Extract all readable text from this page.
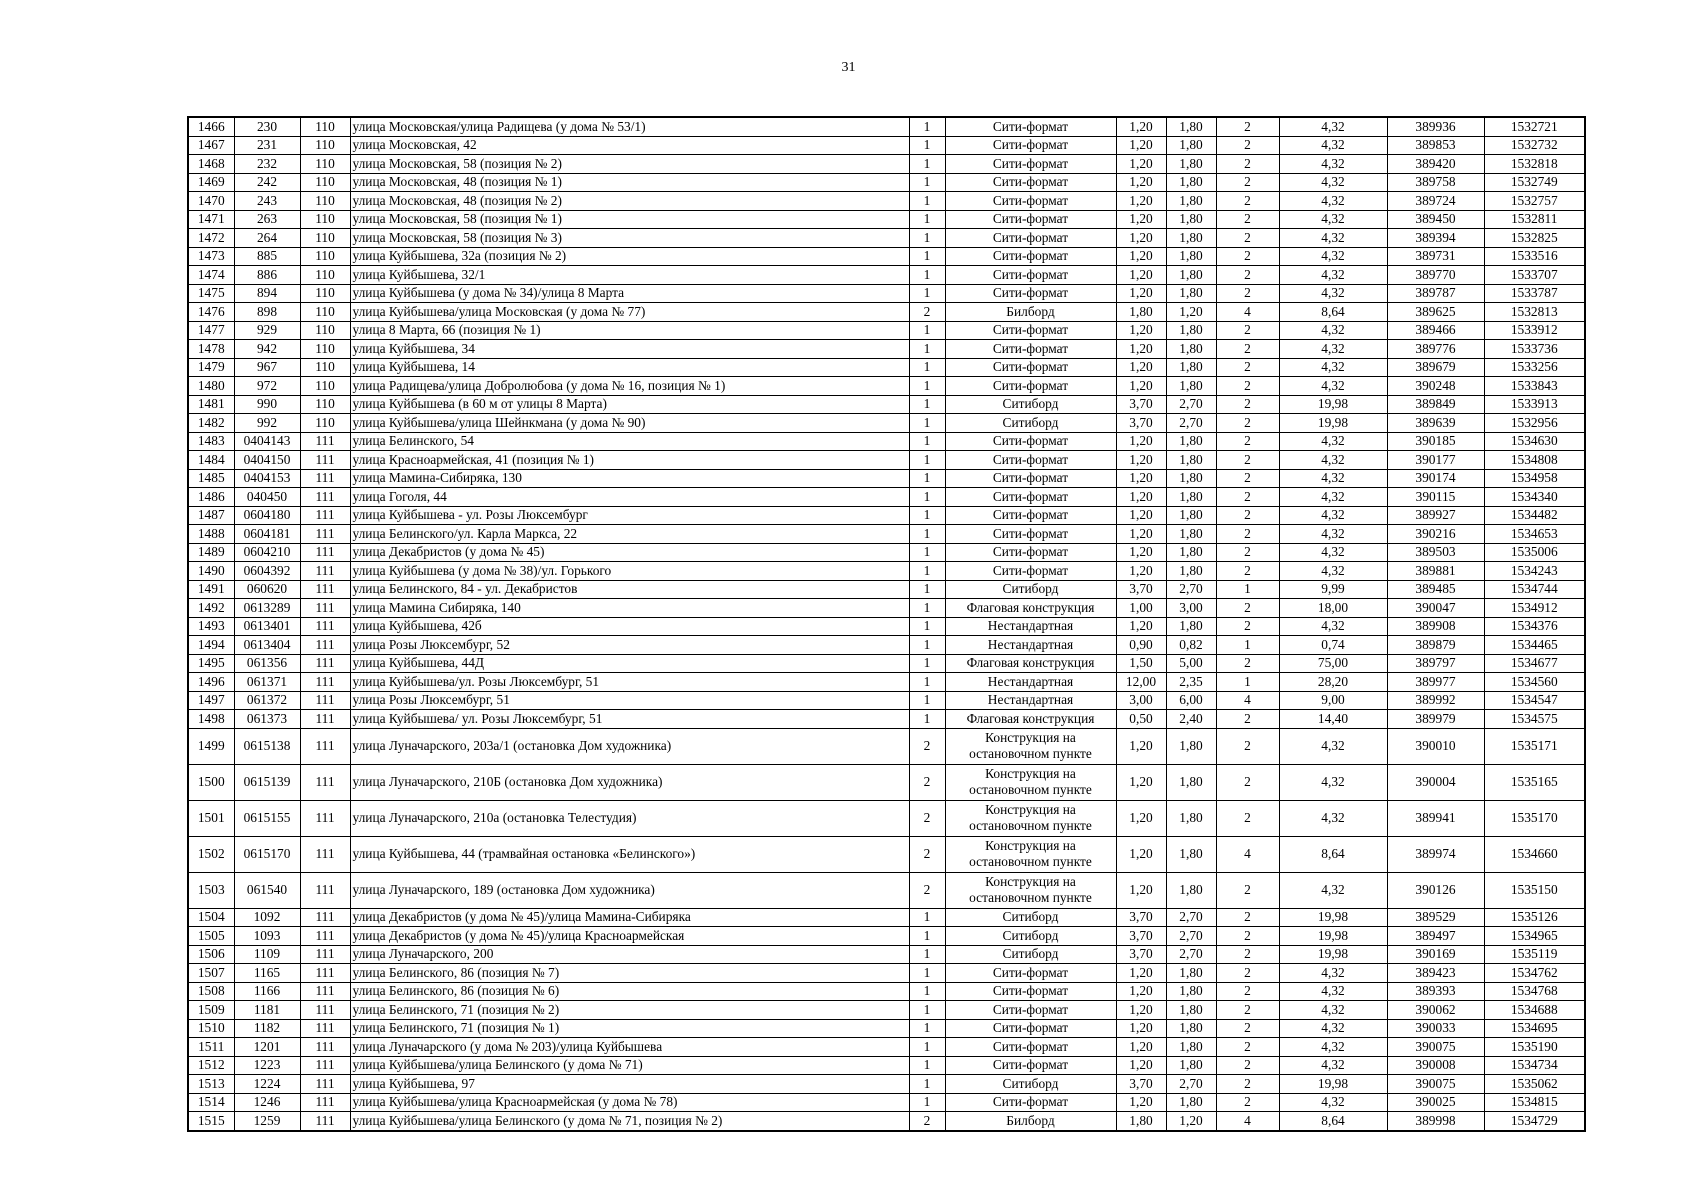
31
1466	230	110	улица Московская/улица Радищева (у дома № 53/1)	1	Сити-формат	1,20	1,80	2	4,32	389936	1532721
1467	231	110	улица Московская, 42	1	Сити-формат	1,20	1,80	2	4,32	389853	1532732
1468	232	110	улица Московская, 58 (позиция № 2)	1	Сити-формат	1,20	1,80	2	4,32	389420	1532818
1469	242	110	улица Московская, 48 (позиция № 1)	1	Сити-формат	1,20	1,80	2	4,32	389758	1532749
1470	243	110	улица Московская, 48 (позиция № 2)	1	Сити-формат	1,20	1,80	2	4,32	389724	1532757
1471	263	110	улица Московская, 58 (позиция № 1)	1	Сити-формат	1,20	1,80	2	4,32	389450	1532811
1472	264	110	улица Московская, 58 (позиция № 3)	1	Сити-формат	1,20	1,80	2	4,32	389394	1532825
1473	885	110	улица Куйбышева, 32а (позиция № 2)	1	Сити-формат	1,20	1,80	2	4,32	389731	1533516
1474	886	110	улица Куйбышева, 32/1	1	Сити-формат	1,20	1,80	2	4,32	389770	1533707
1475	894	110	улица Куйбышева (у дома № 34)/улица 8 Марта	1	Сити-формат	1,20	1,80	2	4,32	389787	1533787
1476	898	110	улица Куйбышева/улица Московская (у дома № 77)	2	Билборд	1,80	1,20	4	8,64	389625	1532813
1477	929	110	улица 8 Марта, 66 (позиция № 1)	1	Сити-формат	1,20	1,80	2	4,32	389466	1533912
1478	942	110	улица Куйбышева, 34	1	Сити-формат	1,20	1,80	2	4,32	389776	1533736
1479	967	110	улица Куйбышева, 14	1	Сити-формат	1,20	1,80	2	4,32	389679	1533256
1480	972	110	улица Радищева/улица Добролюбова (у дома № 16, позиция № 1)	1	Сити-формат	1,20	1,80	2	4,32	390248	1533843
1481	990	110	улица Куйбышева (в 60 м от улицы 8 Марта)	1	Ситиборд	3,70	2,70	2	19,98	389849	1533913
1482	992	110	улица Куйбышева/улица Шейнкмана (у дома № 90)	1	Ситиборд	3,70	2,70	2	19,98	389639	1532956
1483	0404143	111	улица Белинского, 54	1	Сити-формат	1,20	1,80	2	4,32	390185	1534630
1484	0404150	111	улица Красноармейская, 41 (позиция № 1)	1	Сити-формат	1,20	1,80	2	4,32	390177	1534808
1485	0404153	111	улица Мамина-Сибиряка, 130	1	Сити-формат	1,20	1,80	2	4,32	390174	1534958
1486	040450	111	улица Гоголя, 44	1	Сити-формат	1,20	1,80	2	4,32	390115	1534340
1487	0604180	111	улица Куйбышева - ул. Розы Люксембург	1	Сити-формат	1,20	1,80	2	4,32	389927	1534482
1488	0604181	111	улица Белинского/ул. Карла Маркса, 22	1	Сити-формат	1,20	1,80	2	4,32	390216	1534653
1489	0604210	111	улица Декабристов (у дома № 45)	1	Сити-формат	1,20	1,80	2	4,32	389503	1535006
1490	0604392	111	улица Куйбышева (у дома № 38)/ул. Горького	1	Сити-формат	1,20	1,80	2	4,32	389881	1534243
1491	060620	111	улица Белинского, 84 - ул. Декабристов	1	Ситиборд	3,70	2,70	1	9,99	389485	1534744
1492	0613289	111	улица Мамина Сибиряка, 140	1	Флаговая конструкция	1,00	3,00	2	18,00	390047	1534912
1493	0613401	111	улица Куйбышева, 42б	1	Нестандартная	1,20	1,80	2	4,32	389908	1534376
1494	0613404	111	улица Розы Люксембург, 52	1	Нестандартная	0,90	0,82	1	0,74	389879	1534465
1495	061356	111	улица Куйбышева, 44Д	1	Флаговая конструкция	1,50	5,00	2	75,00	389797	1534677
1496	061371	111	улица Куйбышева/ул. Розы Люксембург, 51	1	Нестандартная	12,00	2,35	1	28,20	389977	1534560
1497	061372	111	улица Розы Люксембург, 51	1	Нестандартная	3,00	6,00	4	9,00	389992	1534547
1498	061373	111	улица Куйбышева/ ул. Розы Люксембург, 51	1	Флаговая конструкция	0,50	2,40	2	14,40	389979	1534575
1499	0615138	111	улица Луначарского, 203а/1 (остановка Дом художника)	2	Конструкция на остановочном пункте	1,20	1,80	2	4,32	390010	1535171
1500	0615139	111	улица Луначарского, 210Б (остановка Дом художника)	2	Конструкция на остановочном пункте	1,20	1,80	2	4,32	390004	1535165
1501	0615155	111	улица Луначарского, 210а (остановка Телестудия)	2	Конструкция на остановочном пункте	1,20	1,80	2	4,32	389941	1535170
1502	0615170	111	улица Куйбышева, 44 (трамвайная остановка «Белинского»)	2	Конструкция на остановочном пункте	1,20	1,80	4	8,64	389974	1534660
1503	061540	111	улица Луначарского, 189 (остановка Дом художника)	2	Конструкция на остановочном пункте	1,20	1,80	2	4,32	390126	1535150
1504	1092	111	улица Декабристов (у дома № 45)/улица Мамина-Сибиряка	1	Ситиборд	3,70	2,70	2	19,98	389529	1535126
1505	1093	111	улица Декабристов (у дома № 45)/улица Красноармейская	1	Ситиборд	3,70	2,70	2	19,98	389497	1534965
1506	1109	111	улица Луначарского, 200	1	Ситиборд	3,70	2,70	2	19,98	390169	1535119
1507	1165	111	улица Белинского, 86 (позиция № 7)	1	Сити-формат	1,20	1,80	2	4,32	389423	1534762
1508	1166	111	улица Белинского, 86 (позиция № 6)	1	Сити-формат	1,20	1,80	2	4,32	389393	1534768
1509	1181	111	улица Белинского, 71 (позиция № 2)	1	Сити-формат	1,20	1,80	2	4,32	390062	1534688
1510	1182	111	улица Белинского, 71 (позиция № 1)	1	Сити-формат	1,20	1,80	2	4,32	390033	1534695
1511	1201	111	улица Луначарского (у дома № 203)/улица Куйбышева	1	Сити-формат	1,20	1,80	2	4,32	390075	1535190
1512	1223	111	улица Куйбышева/улица Белинского (у дома № 71)	1	Сити-формат	1,20	1,80	2	4,32	390008	1534734
1513	1224	111	улица Куйбышева, 97	1	Ситиборд	3,70	2,70	2	19,98	390075	1535062
1514	1246	111	улица Куйбышева/улица Красноармейская (у дома № 78)	1	Сити-формат	1,20	1,80	2	4,32	390025	1534815
1515	1259	111	улица Куйбышева/улица Белинского (у дома № 71, позиция № 2)	2	Билборд	1,80	1,20	4	8,64	389998	1534729
